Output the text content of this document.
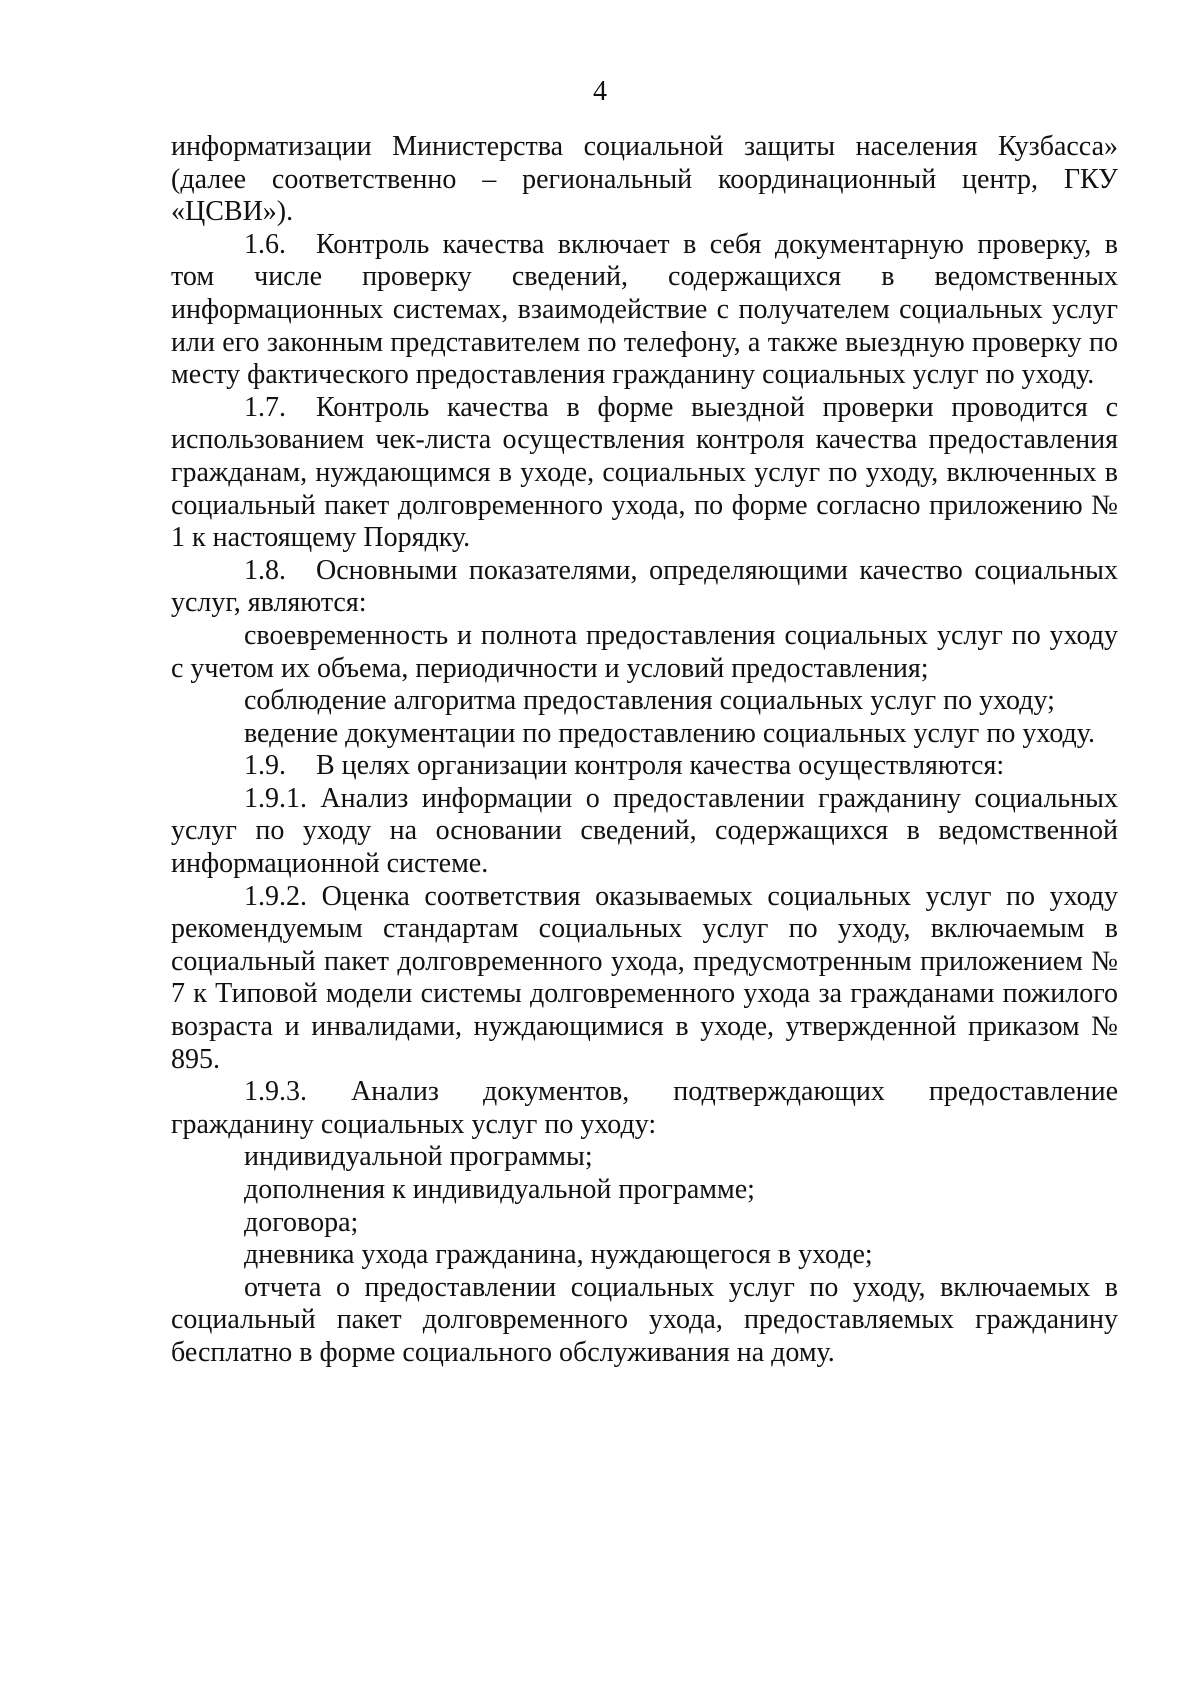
4

информатизации Министерства социальной защиты населения Кузбасса» (далее соответственно – региональный координационный центр, ГКУ «ЦСВИ»).

1.6. Контроль качества включает в себя документарную проверку, в том числе проверку сведений, содержащихся в ведомственных информационных системах, взаимодействие с получателем социальных услуг или его законным представителем по телефону, а также выездную проверку по месту фактического предоставления гражданину социальных услуг по уходу.

1.7. Контроль качества в форме выездной проверки проводится с использованием чек-листа осуществления контроля качества предоставления гражданам, нуждающимся в уходе, социальных услуг по уходу, включенных в социальный пакет долговременного ухода, по форме согласно приложению № 1 к настоящему Порядку.

1.8. Основными показателями, определяющими качество социальных услуг, являются:

своевременность и полнота предоставления социальных услуг по уходу с учетом их объема, периодичности и условий предоставления;

соблюдение алгоритма предоставления социальных услуг по уходу;

ведение документации по предоставлению социальных услуг по уходу.

1.9. В целях организации контроля качества осуществляются:

1.9.1. Анализ информации о предоставлении гражданину социальных услуг по уходу на основании сведений, содержащихся в ведомственной информационной системе.

1.9.2. Оценка соответствия оказываемых социальных услуг по уходу рекомендуемым стандартам социальных услуг по уходу, включаемым в социальный пакет долговременного ухода, предусмотренным приложением № 7 к Типовой модели системы долговременного ухода за гражданами пожилого возраста и инвалидами, нуждающимися в уходе, утвержденной приказом № 895.

1.9.3. Анализ документов, подтверждающих предоставление гражданину социальных услуг по уходу:

индивидуальной программы;

дополнения к индивидуальной программе;

договора;

дневника ухода гражданина, нуждающегося в уходе;

отчета о предоставлении социальных услуг по уходу, включаемых в социальный пакет долговременного ухода, предоставляемых гражданину бесплатно в форме социального обслуживания на дому.
